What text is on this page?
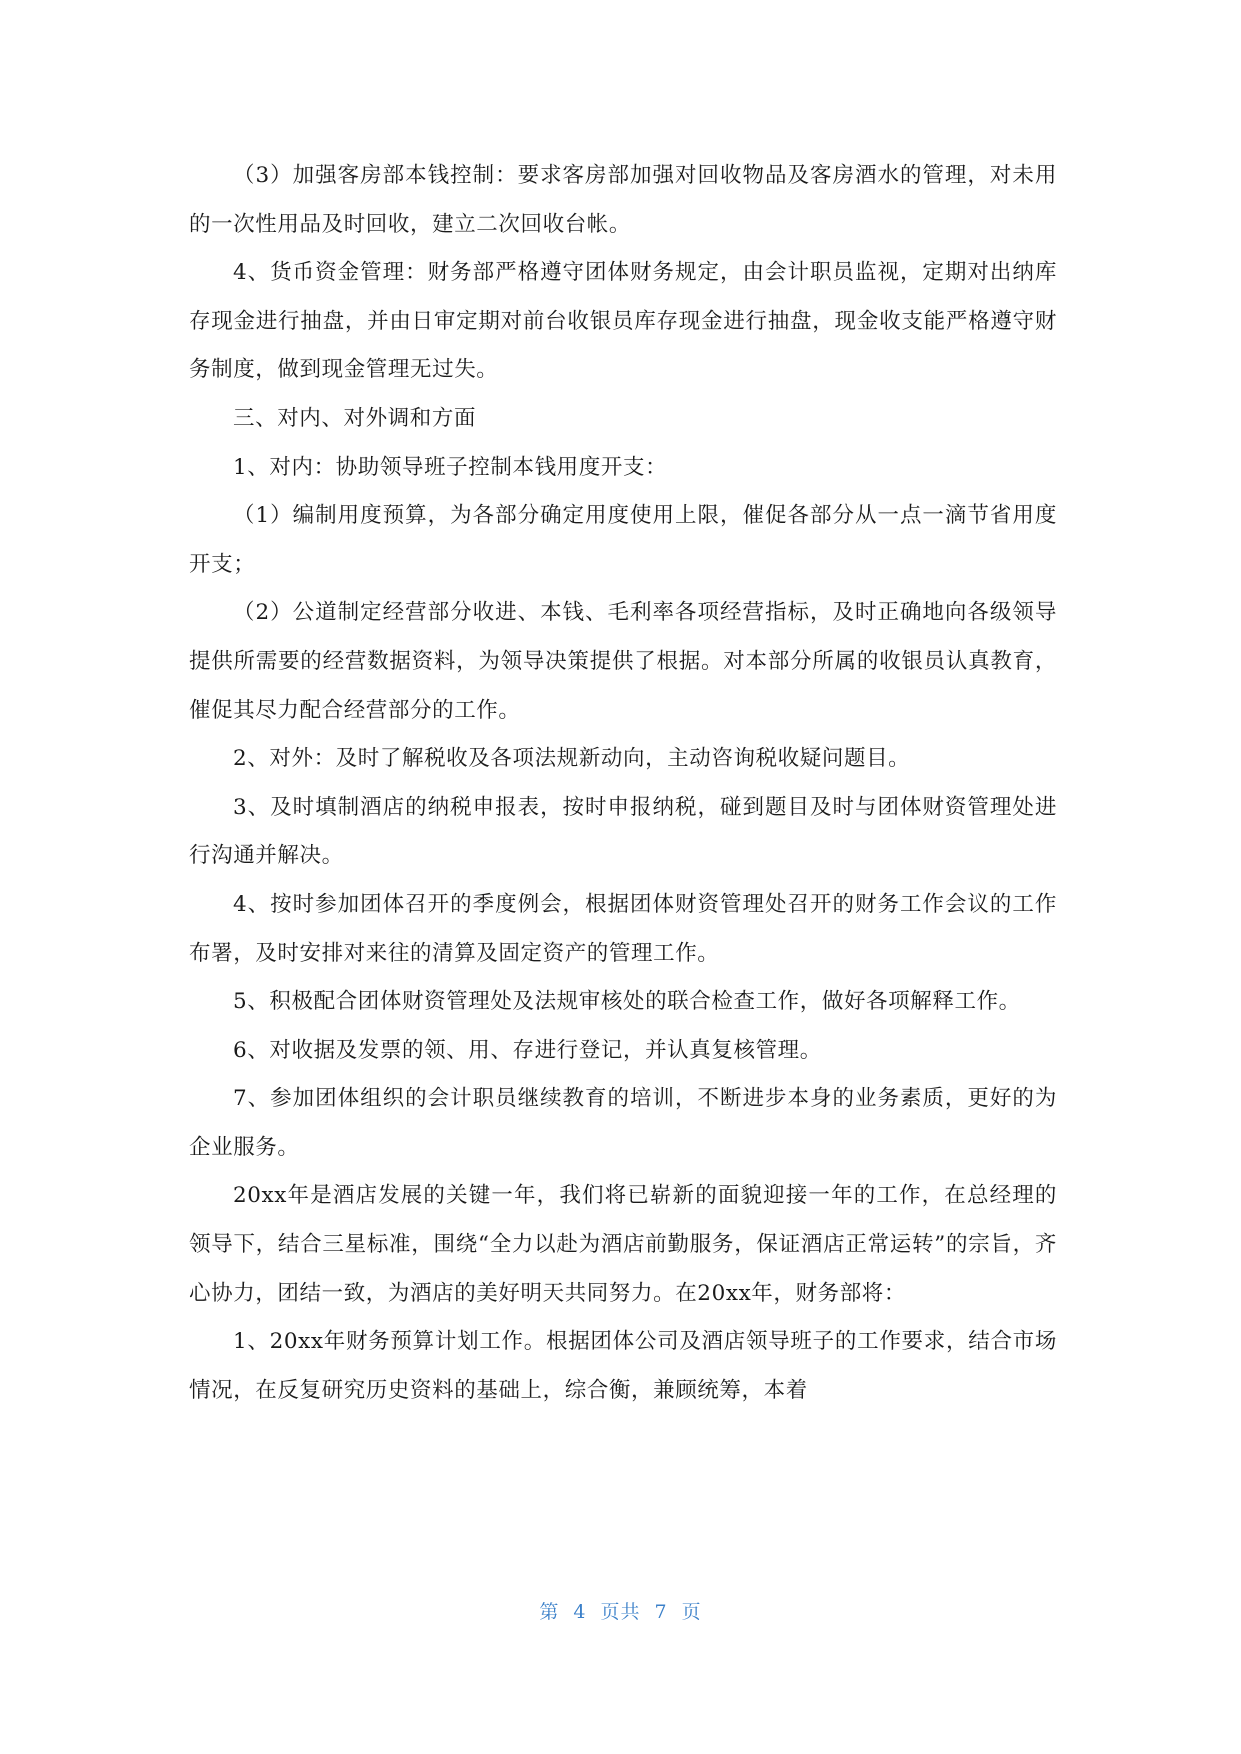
（3）加强客房部本钱控制：要求客房部加强对回收物品及客房酒水的管理，对未用的一次性用品及时回收，建立二次回收台帐。

4、货币资金管理：财务部严格遵守团体财务规定，由会计职员监视，定期对出纳库存现金进行抽盘，并由日审定期对前台收银员库存现金进行抽盘，现金收支能严格遵守财务制度，做到现金管理无过失。

三、对内、对外调和方面

1、对内：协助领导班子控制本钱用度开支：

（1）编制用度预算，为各部分确定用度使用上限，催促各部分从一点一滴节省用度开支；

（2）公道制定经营部分收进、本钱、毛利率各项经营指标，及时正确地向各级领导提供所需要的经营数据资料，为领导决策提供了根据。对本部分所属的收银员认真教育，催促其尽力配合经营部分的工作。

2、对外：及时了解税收及各项法规新动向，主动咨询税收疑问题目。

3、及时填制酒店的纳税申报表，按时申报纳税，碰到题目及时与团体财资管理处进行沟通并解决。

4、按时参加团体召开的季度例会，根据团体财资管理处召开的财务工作会议的工作布署，及时安排对来往的清算及固定资产的管理工作。

5、积极配合团体财资管理处及法规审核处的联合检查工作，做好各项解释工作。

6、对收据及发票的领、用、存进行登记，并认真复核管理。

7、参加团体组织的会计职员继续教育的培训，不断进步本身的业务素质，更好的为企业服务。

20xx年是酒店发展的关键一年，我们将已崭新的面貌迎接一年的工作，在总经理的领导下，结合三星标准，围绕“全力以赴为酒店前勤服务，保证酒店正常运转”的宗旨，齐心协力，团结一致，为酒店的美好明天共同努力。在20xx年，财务部将：

1、20xx年财务预算计划工作。根据团体公司及酒店领导班子的工作要求，结合市场情况，在反复研究历史资料的基础上，综合衡，兼顾统筹，本着

第 4 页共 7 页
